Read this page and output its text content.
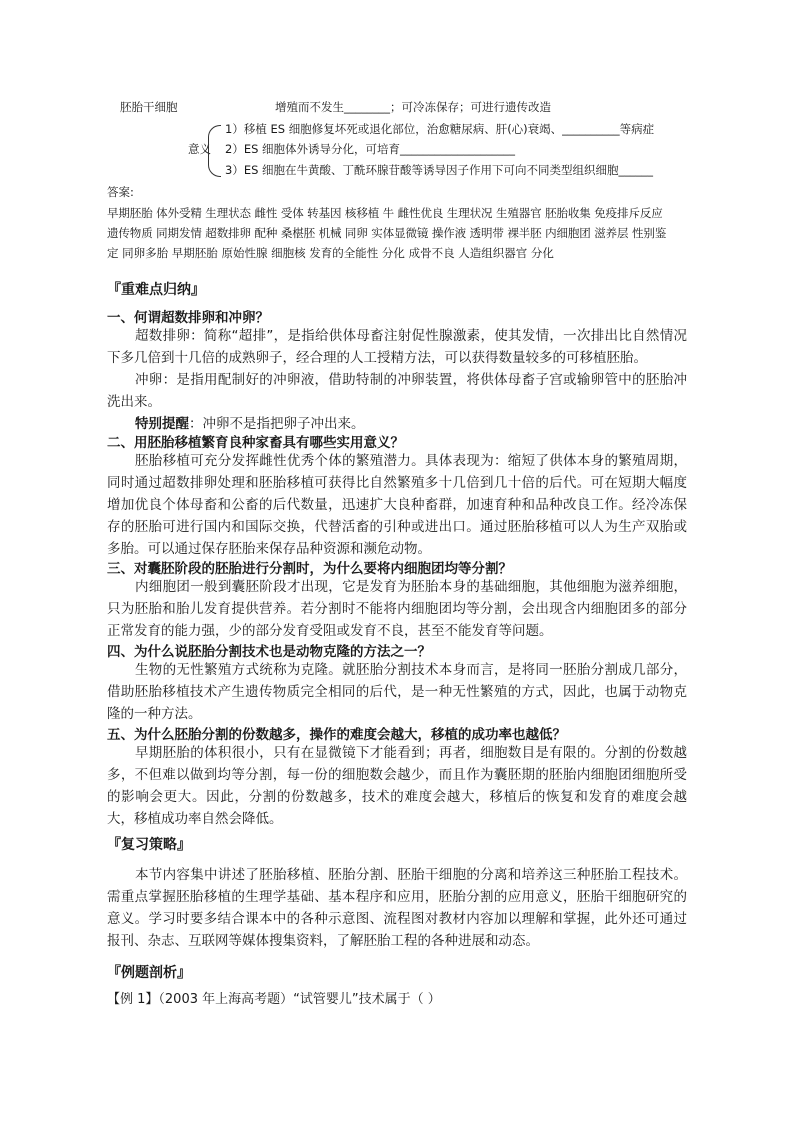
胚胎干细胞	增殖而不发生________；可冷冻保存；可进行遗传改造
意义
1）移植 ES 细胞修复坏死或退化部位，治愈糖尿病、肝(心)衰竭、__________等病症
2）ES 细胞体外诱导分化，可培育____________________
3）ES 细胞在牛黄酸、丁酰环腺苷酸等诱导因子作用下可向不同类型组织细胞______
答案:
早期胚胎 体外受精 生理状态 雌性 受体 转基因 核移植 牛 雌性优良 生理状况 生殖器官 胚胎收集 免疫排斥反应
遗传物质 同期发情 超数排卵 配种 桑椹胚 机械 同卵 实体显微镜 操作液 透明带 裸半胚 内细胞团 滋养层 性别鉴
定 同卵多胎 早期胚胎 原始性腺 细胞核 发育的全能性 分化 成骨不良 人造组织器官 分化
『重难点归纳』
一、何谓超数排卵和冲卵？

超数排卵：简称“超排”，是指给供体母畜注射促性腺激素，使其发情，一次排出比自然情况下多几倍到十几倍的成熟卵子，经合理的人工授精方法，可以获得数量较多的可移植胚胎。

冲卵：是指用配制好的冲卵液，借助特制的冲卵装置，将供体母畜子宫或输卵管中的胚胎冲洗出来。

特别提醒：冲卵不是指把卵子冲出来。

二、用胚胎移植繁育良种家畜具有哪些实用意义？

胚胎移植可充分发挥雌性优秀个体的繁殖潜力。具体表现为：缩短了供体本身的繁殖周期，同时通过超数排卵处理和胚胎移植可获得比自然繁殖多十几倍到几十倍的后代。可在短期大幅度增加优良个体母畜和公畜的后代数量，迅速扩大良种畜群，加速育种和品种改良工作。经冷冻保存的胚胎可进行国内和国际交换，代替活畜的引种或进出口。通过胚胎移植可以人为生产双胎或多胎。可以通过保存胚胎来保存品种资源和濒危动物。

三、对囊胚阶段的胚胎进行分割时，为什么要将内细胞团均等分割？

内细胞团一般到囊胚阶段才出现，它是发育为胚胎本身的基础细胞，其他细胞为滋养细胞，只为胚胎和胎儿发育提供营养。若分割时不能将内细胞团均等分割，会出现含内细胞团多的部分正常发育的能力强，少的部分发育受阻或发育不良，甚至不能发育等问题。

四、为什么说胚胎分割技术也是动物克隆的方法之一？

生物的无性繁殖方式统称为克隆。就胚胎分割技术本身而言，是将同一胚胎分割成几部分，借助胚胎移植技术产生遗传物质完全相同的后代，是一种无性繁殖的方式，因此，也属于动物克隆的一种方法。

五、为什么胚胎分割的份数越多，操作的难度会越大，移植的成功率也越低？

早期胚胎的体积很小，只有在显微镜下才能看到；再者，细胞数目是有限的。分割的份数越多，不但难以做到均等分割，每一份的细胞数会越少，而且作为囊胚期的胚胎内细胞团细胞所受的影响会更大。因此，分割的份数越多，技术的难度会越大，移植后的恢复和发育的难度会越大，移植成功率自然会降低。

『复习策略』

本节内容集中讲述了胚胎移植、胚胎分割、胚胎干细胞的分离和培养这三种胚胎工程技术。需重点掌握胚胎移植的生理学基础、基本程序和应用，胚胎分割的应用意义，胚胎干细胞研究的意义。学习时要多结合课本中的各种示意图、流程图对教材内容加以理解和掌握，此外还可通过报刊、杂志、互联网等媒体搜集资料，了解胚胎工程的各种进展和动态。

『例题剖析』
【例 1】（2003 年上海高考题）“试管婴儿”技术属于（ ）
